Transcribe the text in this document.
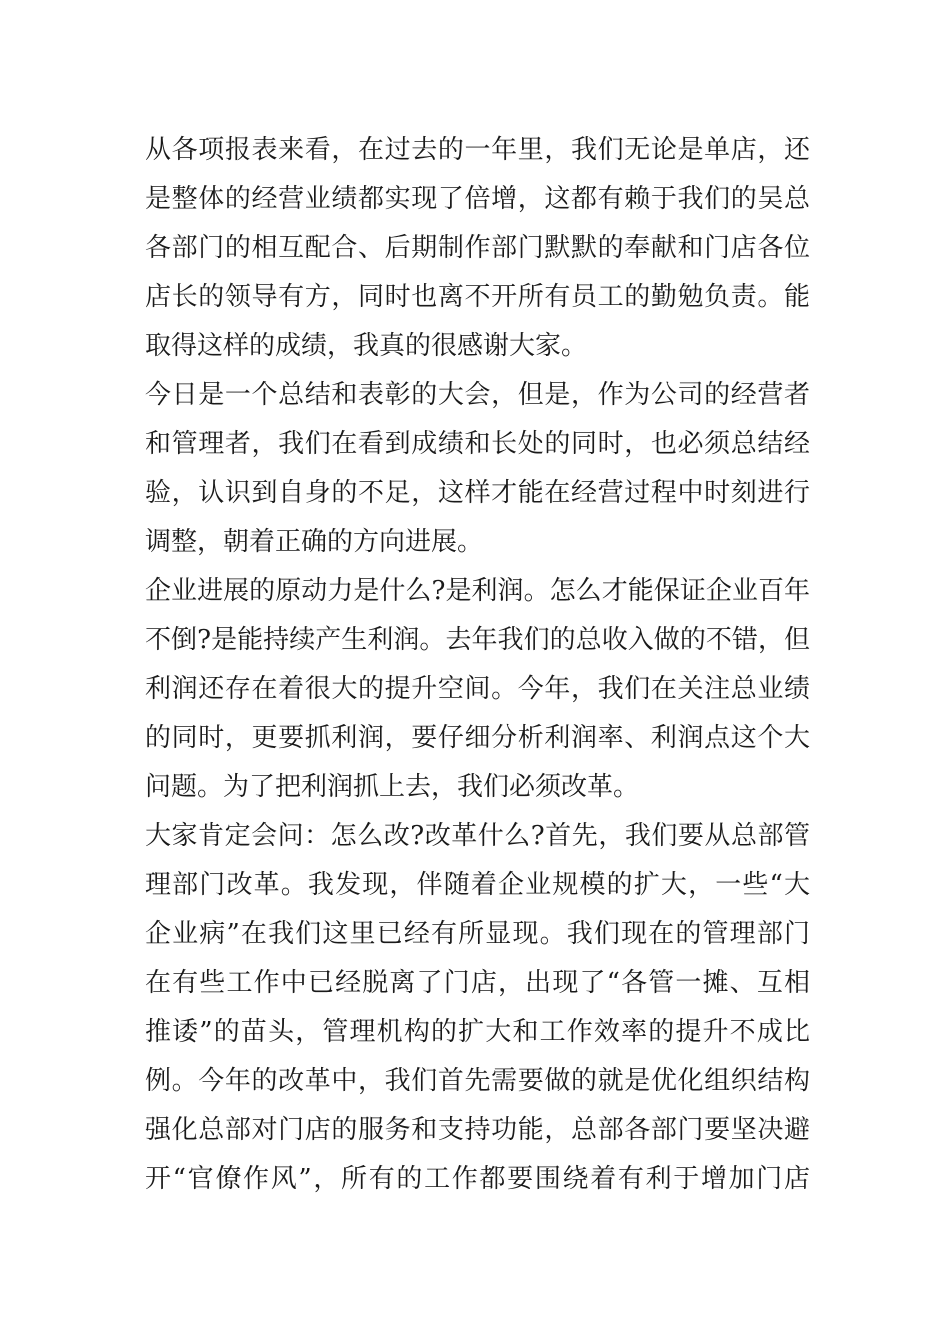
从各项报表来看，在过去的一年里，我们无论是单店，还
是整体的经营业绩都实现了倍增，这都有赖于我们的吴总
各部门的相互配合、后期制作部门默默的奉献和门店各位
店长的领导有方，同时也离不开所有员工的勤勉负责。能
取得这样的成绩，我真的很感谢大家。
今日是一个总结和表彰的大会，但是，作为公司的经营者
和管理者，我们在看到成绩和长处的同时，也必须总结经
验，认识到自身的不足，这样才能在经营过程中时刻进行
调整，朝着正确的方向进展。
企业进展的原动力是什么?是利润。怎么才能保证企业百年
不倒?是能持续产生利润。去年我们的总收入做的不错，但
利润还存在着很大的提升空间。今年，我们在关注总业绩
的同时，更要抓利润，要仔细分析利润率、利润点这个大
问题。为了把利润抓上去，我们必须改革。
大家肯定会问：怎么改?改革什么?首先，我们要从总部管
理部门改革。我发现，伴随着企业规模的扩大，一些“大
企业病”在我们这里已经有所显现。我们现在的管理部门
在有些工作中已经脱离了门店，出现了“各管一摊、互相
推诿”的苗头，管理机构的扩大和工作效率的提升不成比
例。今年的改革中，我们首先需要做的就是优化组织结构
强化总部对门店的服务和支持功能，总部各部门要坚决避
开“官僚作风”，所有的工作都要围绕着有利于增加门店
